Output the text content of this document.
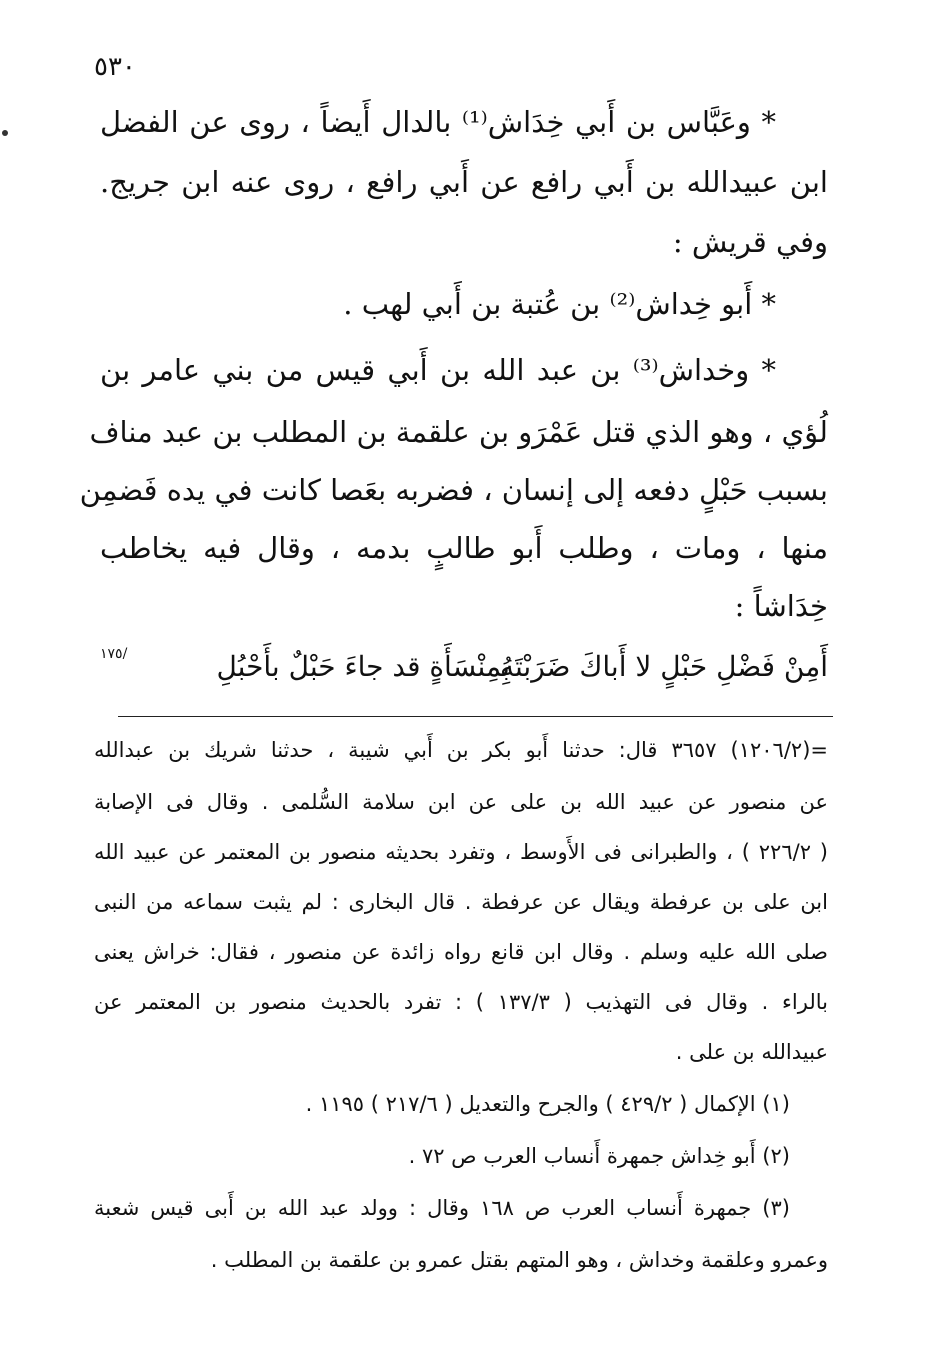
٥٣٠
* وعَبَّاس بن أَبي خِدَاش⁽¹⁾ بالدال أَيضاً ، روى عن الفضل
ابن عبيدالله بن أَبي رافع عن أَبي رافع ، روى عنه ابن جريج.
وفي قريش :
* أَبو خِداش⁽²⁾ بن عُتبة بن أَبي لهب .
* وخداش⁽³⁾ بن عبد الله بن أَبي قيس من بني عامر بن
لُؤي ، وهو الذي قتل عَمْرَو بن علقمة بن المطلب بن عبد مناف
بسبب حَبْلٍ دفعه إلى إنسان ، فضربه بعَصا كانت في يده فَضمِن
منها ، ومات ، وطلب أَبو طالبٍ بدمه ، وقال فيه يخاطب
خِدَاشاً :
أَمِنْ فَضْلِ حَبْلٍ لا أَباكَ ضَرَبْتَهُ
بِمِنْسَأَةٍ قد جاءَ حَبْلٌ بأَحْبُلِ
١٧٥/
=(١٢٠٦/٢) ٣٦٥٧ قال: حدثنا أَبو بكر بن أَبي شيبة ، حدثنا شريك بن عبدالله
عن منصور عن عبيد الله بن على عن ابن سلامة السُّلمى . وقال فى الإصابة
( ٢٢٦/٢ ) ، والطبرانى فى الأَوسط ، وتفرد بحديثه منصور بن المعتمر عن عبيد الله
ابن على بن عرفطة ويقال عن عرفطة . قال البخارى : لم يثبت سماعه من النبى
صلى الله عليه وسلم . وقال ابن قانع رواه زائدة عن منصور ، فقال: خراش يعنى
بالراء . وقال فى التهذيب ( ١٣٧/٣ ) : تفرد بالحديث منصور بن المعتمر عن
عبيدالله بن على .
(١) الإكمال ( ٤٢٩/٢ ) والجرح والتعديل ( ٢١٧/٦ ) ١١٩٥ .
(٢) أَبو خِداش جمهرة أَنساب العرب ص ٧٢ .
(٣) جمهرة أَنساب العرب ص ١٦٨ وقال : وولد عبد الله بن أَبى قيس شعبة
وعمرو وعلقمة وخداش ، وهو المتهم بقتل عمرو بن علقمة بن المطلب .
